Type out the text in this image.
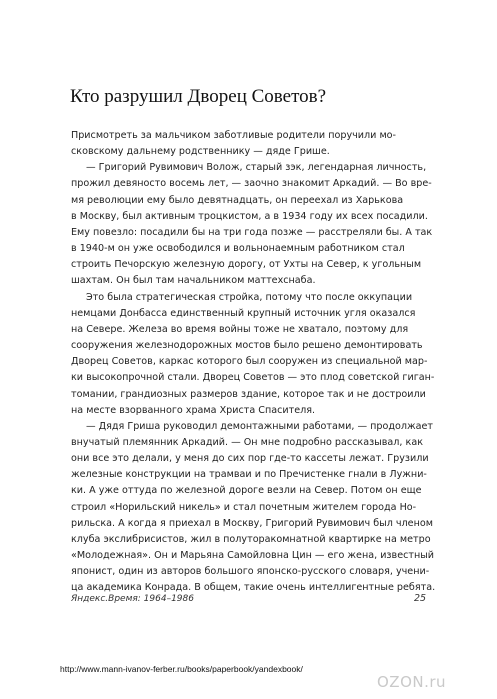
Кто разрушил Дворец Советов?
Присмотреть за мальчиком заботливые родители поручили мо-
сковскому дальнему родственнику — дяде Грише.
— Григорий Рувимович Волож, старый зэк, легендарная личность,
прожил девяносто восемь лет, — заочно знакомит Аркадий. — Во вре-
мя революции ему было девятнадцать, он переехал из Харькова
в Москву, был активным троцкистом, а в 1934 году их всех посадили.
Ему повезло: посадили бы на три года позже — расстреляли бы. А так
в 1940-м он уже освободился и вольнонаемным работником стал
строить Печорскую железную дорогу, от Ухты на Север, к угольным
шахтам. Он был там начальником маттехснаба.
Это была стратегическая стройка, потому что после оккупации
немцами Донбасса единственный крупный источник угля оказался
на Севере. Железа во время войны тоже не хватало, поэтому для
сооружения железнодорожных мостов было решено демонтировать
Дворец Советов, каркас которого был сооружен из специальной мар-
ки высокопрочной стали. Дворец Советов — это плод советской гиган-
томании, грандиозных размеров здание, которое так и не достроили
на месте взорванного храма Христа Спасителя.
— Дядя Гриша руководил демонтажными работами, — продолжает
внучатый племянник Аркадий. — Он мне подробно рассказывал, как
они все это делали, у меня до сих пор где-то кассеты лежат. Грузили
железные конструкции на трамваи и по Пречистенке гнали в Лужни-
ки. А уже оттуда по железной дороге везли на Север. Потом он еще
строил «Норильский никель» и стал почетным жителем города Но-
рильска. А когда я приехал в Москву, Григорий Рувимович был членом
клуба экслибрисистов, жил в полуторакомнатной квартирке на метро
«Молодежная». Он и Марьяна Самойловна Цин — его жена, известный
японист, один из авторов большого японско-русского словаря, учени-
ца академика Конрада. В общем, такие очень интеллигентные ребята.
Яндекс.Время: 1964–1986	25
http://www.mann-ivanov-ferber.ru/books/paperbook/yandexbook/
OZON.ru
